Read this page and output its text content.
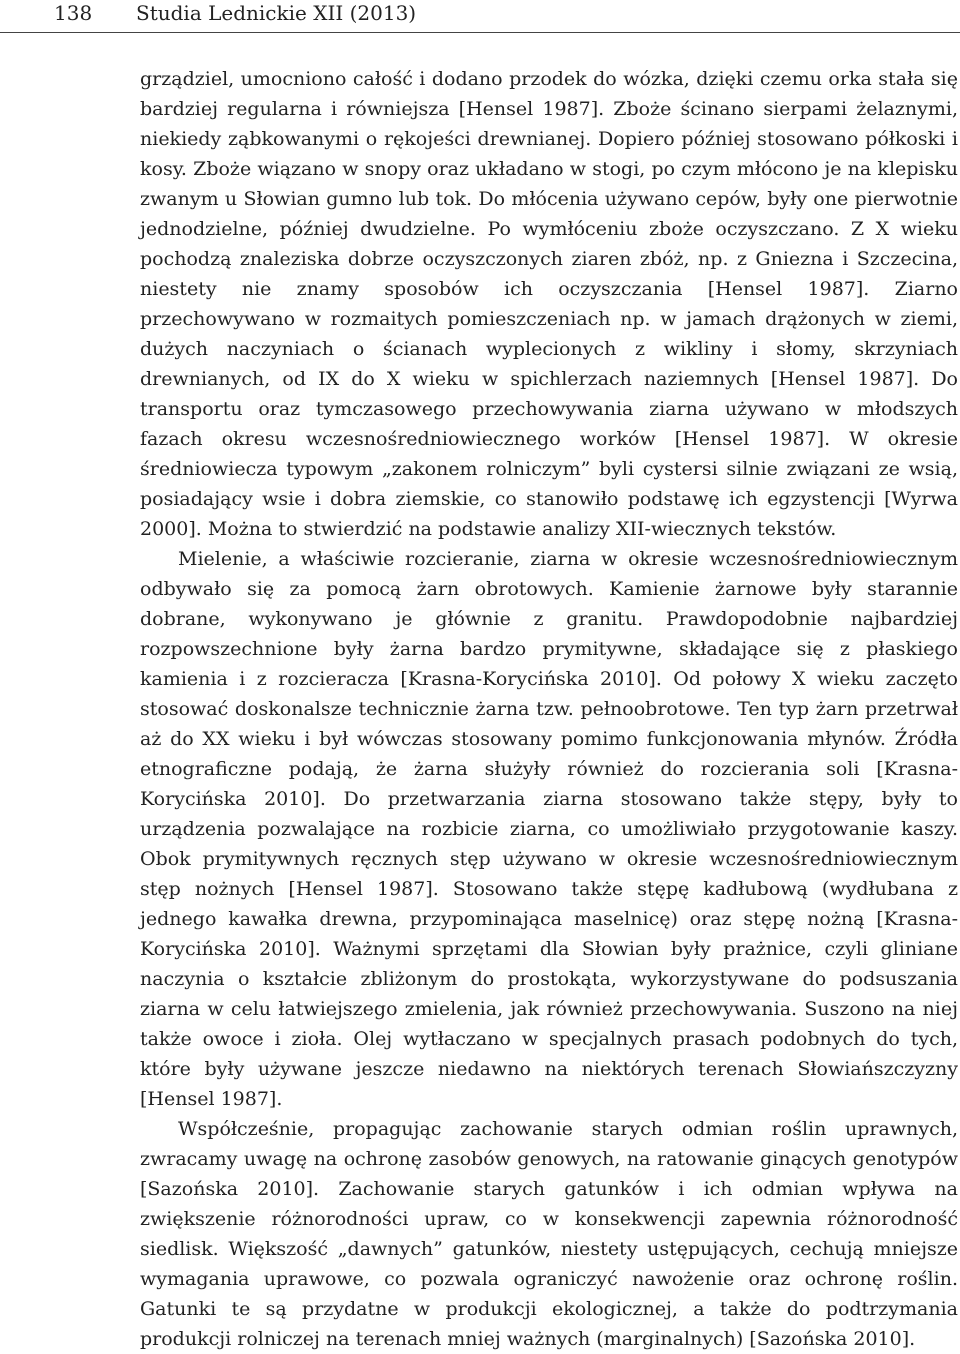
138 Studia Lednickie XII (2013)

grządziel, umocniono całość i dodano przodek do wózka, dzięki czemu orka stała się bardziej regularna i równiejsza [Hensel 1987]. Zboże ścinano sierpami żelaznymi, niekiedy ząbkowanymi o rękojeści drewnianej. Dopiero później stosowano półkoski i kosy. Zboże wiązano w snopy oraz układano w stogi, po czym młócono je na klepisku zwanym u Słowian gumno lub tok. Do młócenia używano cepów, były one pierwotnie jednodzielne, później dwudzielne. Po wymłóceniu zboże oczyszczano. Z X wieku pochodzą znaleziska dobrze oczyszczonych ziaren zbóż, np. z Gniezna i Szczecina, niestety nie znamy sposobów ich oczyszczania [Hensel 1987]. Ziarno przechowywano w rozmaitych pomieszczeniach np. w jamach drążonych w ziemi, dużych naczyniach o ścianach wyplecionych z wikliny i słomy, skrzyniach drewnianych, od IX do X wieku w spichlerzach naziemnych [Hensel 1987]. Do transportu oraz tymczasowego przechowywania ziarna używano w młodszych fazach okresu wczesnośredniowiecznego worków [Hensel 1987]. W okresie średniowiecza typowym „zakonem rolniczym” byli cystersi silnie związani ze wsią, posiadający wsie i dobra ziemskie, co stanowiło podstawę ich egzystencji [Wyrwa 2000]. Można to stwierdzić na podstawie analizy XII-wiecznych tekstów.

Mielenie, a właściwie rozcieranie, ziarna w okresie wczesnośredniowiecznym odbywało się za pomocą żarn obrotowych. Kamienie żarnowe były starannie dobrane, wykonywano je głównie z granitu. Prawdopodobnie najbardziej rozpowszechnione były żarna bardzo prymitywne, składające się z płaskiego kamienia i z rozcieracza [Krasna-Korycińska 2010]. Od połowy X wieku zaczęto stosować doskonalsze technicznie żarna tzw. pełnoobrotowe. Ten typ żarn przetrwał aż do XX wieku i był wówczas stosowany pomimo funkcjonowania młynów. Źródła etnograficzne podają, że żarna służyły również do rozcierania soli [Krasna-Korycińska 2010]. Do przetwarzania ziarna stosowano także stępy, były to urządzenia pozwalające na rozbicie ziarna, co umożliwiało przygotowanie kaszy. Obok prymitywnych ręcznych stęp używano w okresie wczesnośredniowiecznym stęp nożnych [Hensel 1987]. Stosowano także stępę kadłubową (wydłubana z jednego kawałka drewna, przypominająca maselnicę) oraz stępę nożną [Krasna-Korycińska 2010]. Ważnymi sprzętami dla Słowian były prażnice, czyli gliniane naczynia o kształcie zbliżonym do prostokąta, wykorzystywane do podsuszania ziarna w celu łatwiejszego zmielenia, jak również przechowywania. Suszono na niej także owoce i zioła. Olej wytłaczano w specjalnych prasach podobnych do tych, które były używane jeszcze niedawno na niektórych terenach Słowiańszczyzny [Hensel 1987].

Współcześnie, propagując zachowanie starych odmian roślin uprawnych, zwracamy uwagę na ochronę zasobów genowych, na ratowanie ginących genotypów [Sazońska 2010]. Zachowanie starych gatunków i ich odmian wpływa na zwiększenie różnorodności upraw, co w konsekwencji zapewnia różnorodność siedlisk. Większość „dawnych” gatunków, niestety ustępujących, cechują mniejsze wymagania uprawowe, co pozwala ograniczyć nawożenie oraz ochronę roślin. Gatunki te są przydatne w produkcji ekologicznej, a także do podtrzymania produkcji rolniczej na terenach mniej ważnych (marginalnych) [Sazońska 2010].
